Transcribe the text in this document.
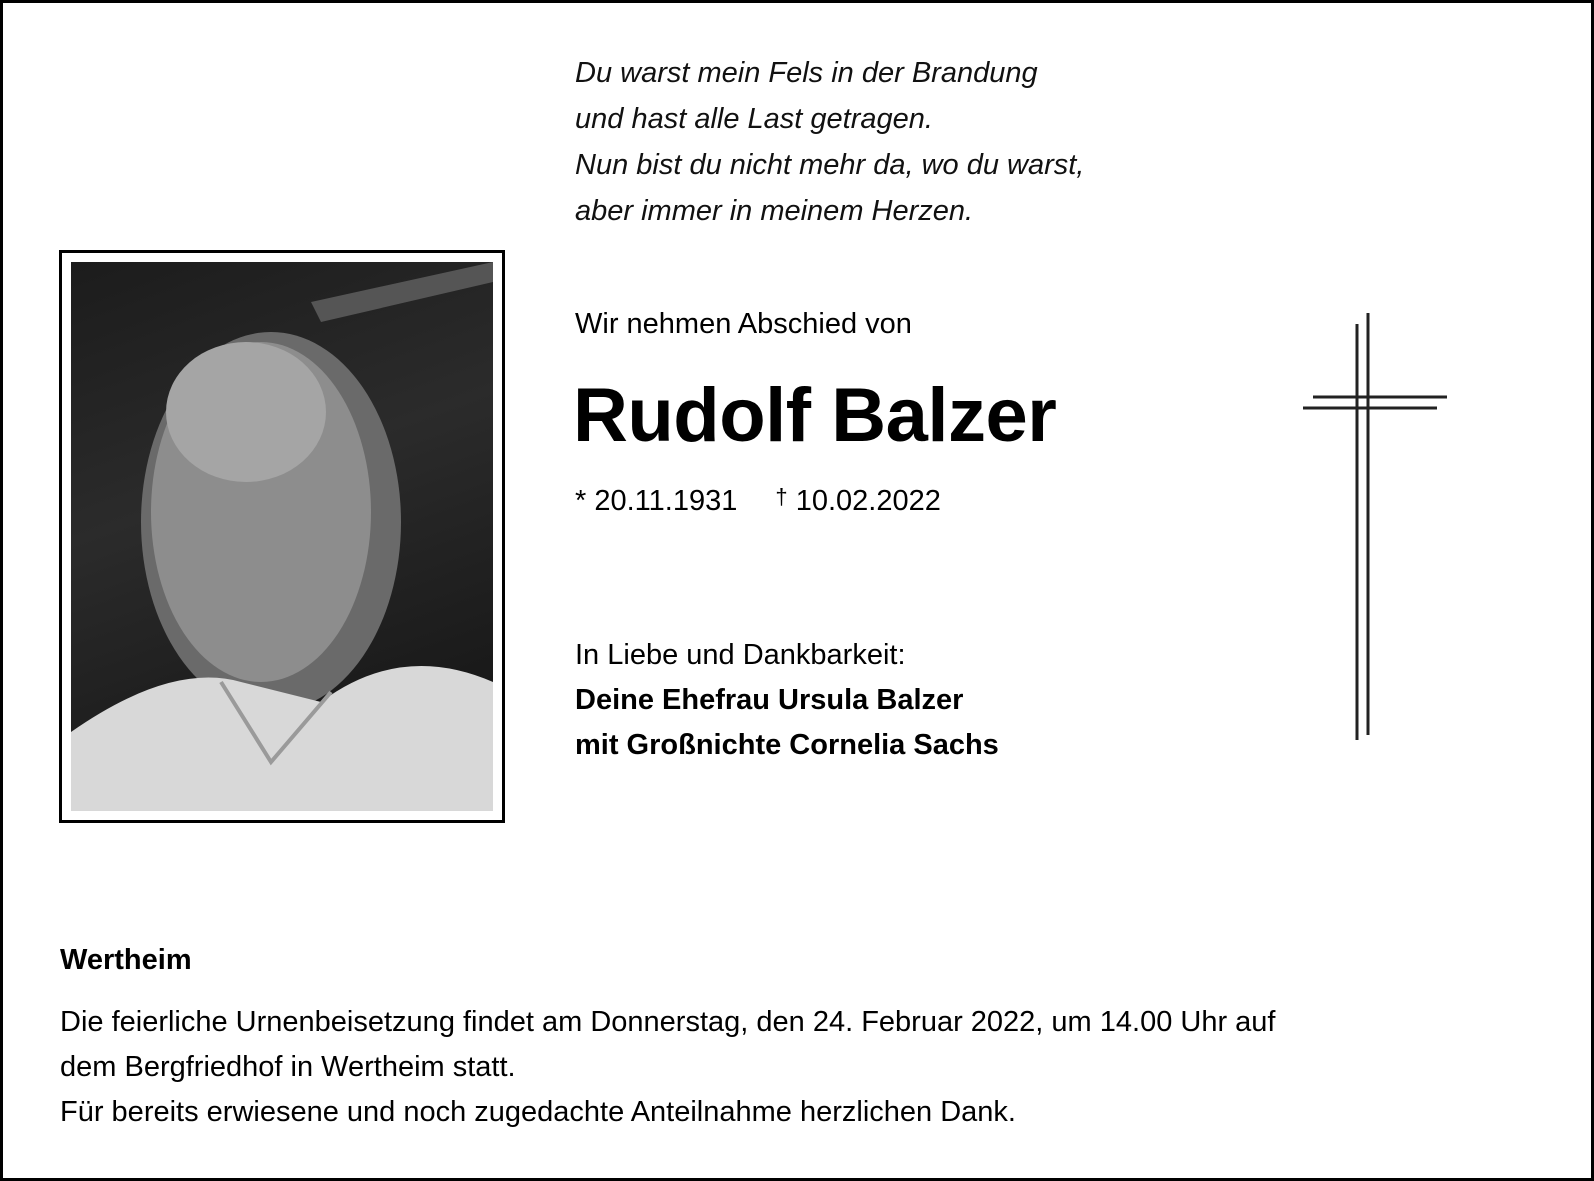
Du warst mein Fels in der Brandung
und hast alle Last getragen.
Nun bist du nicht mehr da, wo du warst,
aber immer in meinem Herzen.

Wir nehmen Abschied von

Rudolf Balzer
* 20.11.1931 † 10.02.2022
In Liebe und Dankbarkeit:
Deine Ehefrau Ursula Balzer
mit Großnichte Cornelia Sachs

Wertheim

Die feierliche Urnenbeisetzung findet am Donnerstag, den 24. Februar 2022, um 14.00 Uhr auf
dem Bergfriedhof in Wertheim statt.
Für bereits erwiesene und noch zugedachte Anteilnahme herzlichen Dank.
